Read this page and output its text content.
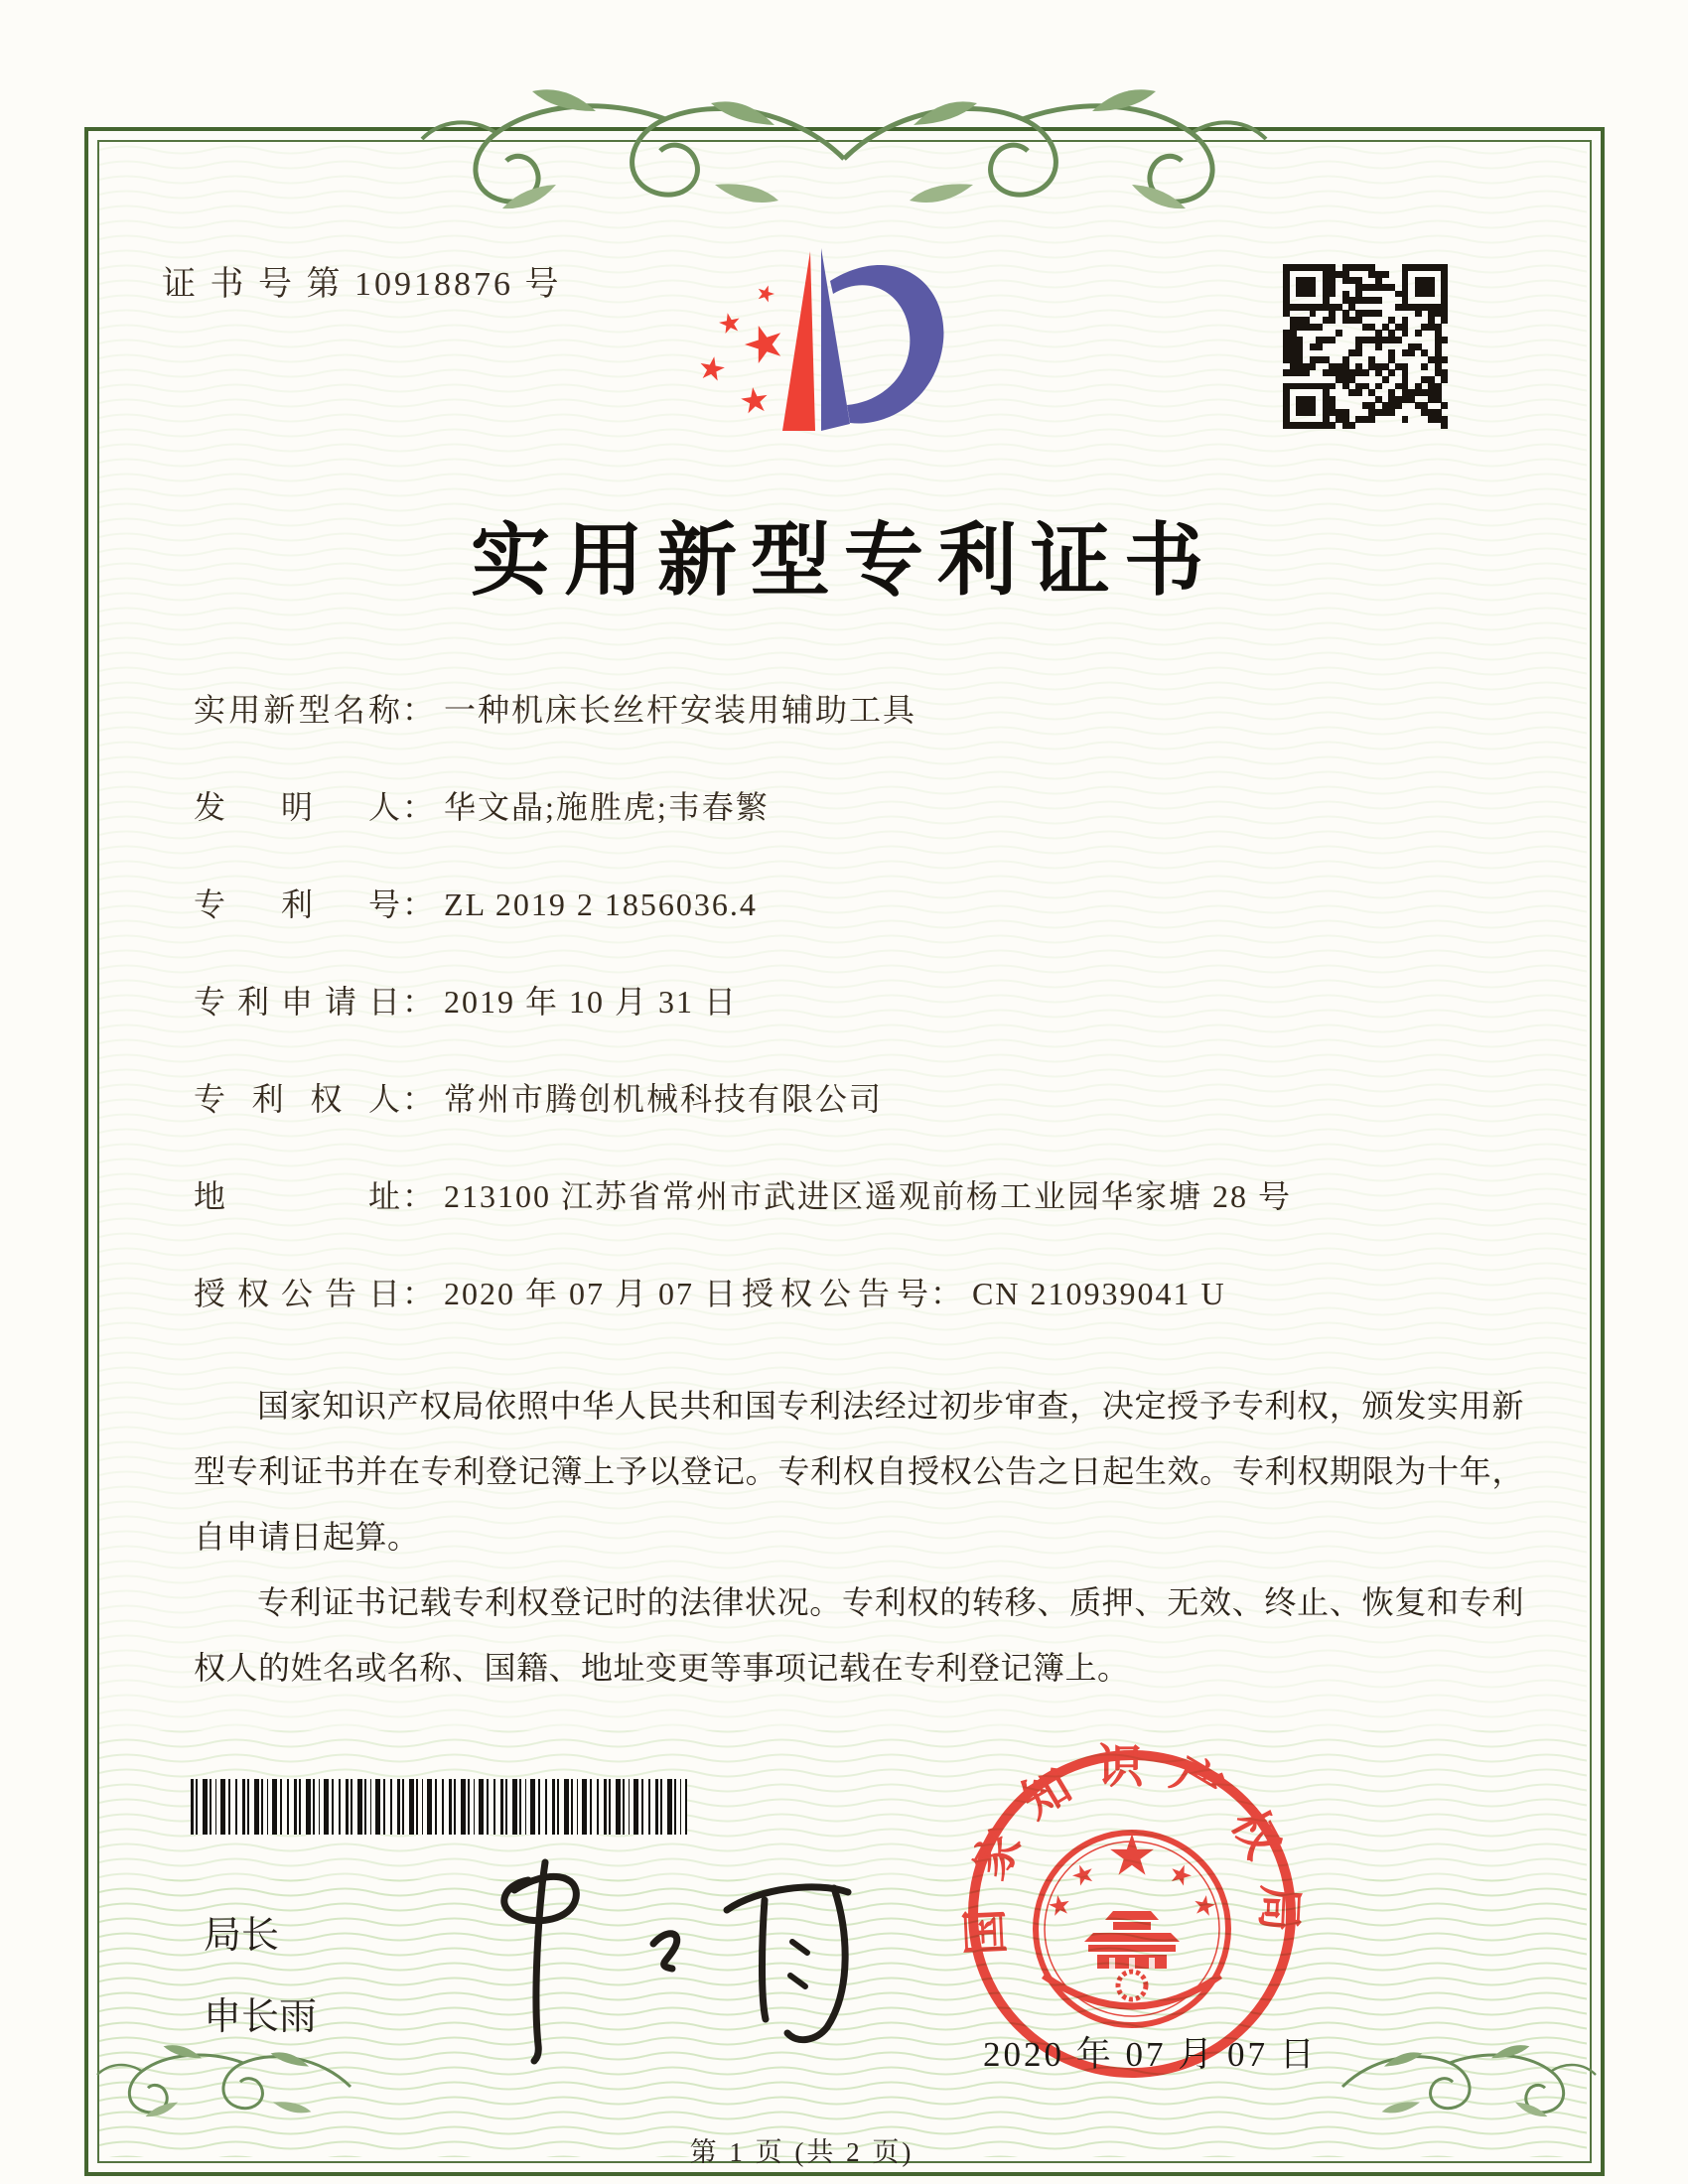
证 书 号 第 10918876 号
实用新型专利证书
实 用 新 型 名 称 ： 一种机床长丝杆安装用辅助工具
发 明 人 ： 华文晶;施胜虎;韦春繁
专 利 号 ： ZL 2019 2 1856036.4
专 利 申 请 日 ： 2019 年 10 月 31 日
专 利 权 人 ： 常州市腾创机械科技有限公司
地	址 ： 213100 江苏省常州市武进区遥观前杨工业园华家塘 28 号
授 权 公 告 日 ： 2020 年 07 月 07 日 授 权 公 告 号 ： CN 210939041 U

国家知识产权局依照中华人民共和国专利法经过初步审查，决定授予专利权，颁发实用新型专利证书并在专利登记簿上予以登记。专利权自授权公告之日起生效。专利权期限为十年，自申请日起算。

专利证书记载专利权登记时的法律状况。专利权的转移、质押、无效、终止、恢复和专利权人的姓名或名称、国籍、地址变更等事项记载在专利登记簿上。

局长
申长雨
国家知识产权局
2020 年 07 月 07 日
第 1 页 (共 2 页)
